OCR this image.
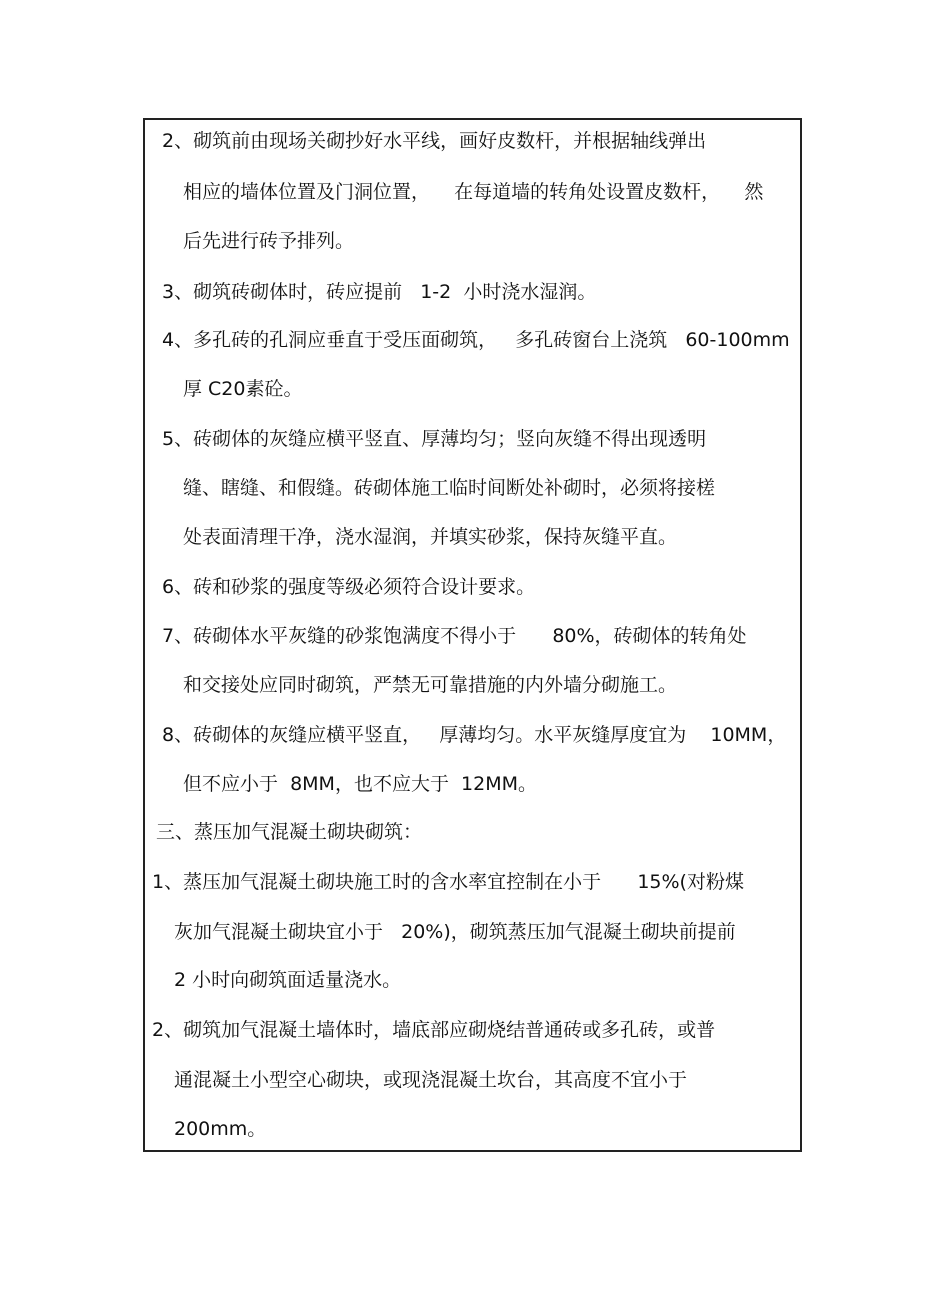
2、砌筑前由现场关砌抄好水平线，画好皮数杆，并根据轴线弹出
相应的墙体位置及门洞位置，    在每道墙的转角处设置皮数杆，    然
后先进行砖予排列。
3、砌筑砖砌体时，砖应提前   1-2  小时浇水湿润。
4、多孔砖的孔洞应垂直于受压面砌筑，   多孔砖窗台上浇筑   60-100mm
厚 C20素砼。
5、砖砌体的灰缝应横平竖直、厚薄均匀；竖向灰缝不得出现透明
缝、瞎缝、和假缝。砖砌体施工临时间断处补砌时，必须将接槎
处表面清理干净，浇水湿润，并填实砂浆，保持灰缝平直。
6、砖和砂浆的强度等级必须符合设计要求。
7、砖砌体水平灰缝的砂浆饱满度不得小于      80%，砖砌体的转角处
和交接处应同时砌筑，严禁无可靠措施的内外墙分砌施工。
8、砖砌体的灰缝应横平竖直，   厚薄均匀。水平灰缝厚度宜为    10MM，
但不应小于  8MM，也不应大于  12MM。
三、蒸压加气混凝土砌块砌筑：
1、蒸压加气混凝土砌块施工时的含水率宜控制在小于      15%(对粉煤
灰加气混凝土砌块宜小于   20%)，砌筑蒸压加气混凝土砌块前提前
2 小时向砌筑面适量浇水。
2、砌筑加气混凝土墙体时，墙底部应砌烧结普通砖或多孔砖，或普
通混凝土小型空心砌块，或现浇混凝土坎台，其高度不宜小于
200mm。
